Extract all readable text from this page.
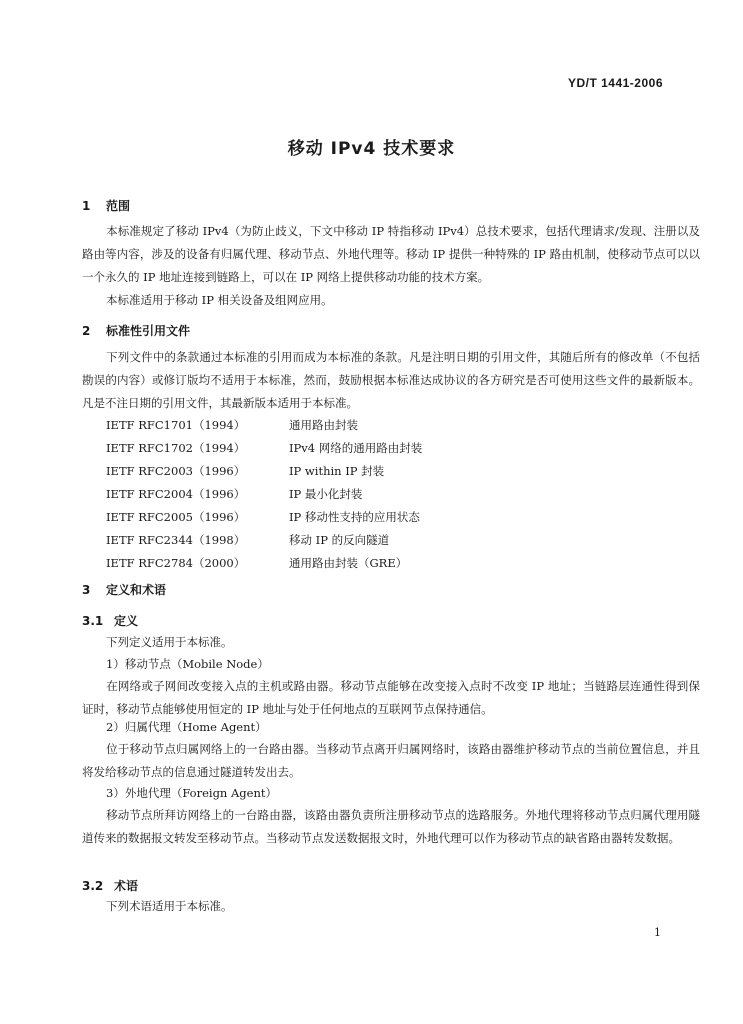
YD/T 1441-2006
移动 IPv4 技术要求
1 范围
本标准规定了移动 IPv4（为防止歧义，下文中移动 IP 特指移动 IPv4）总技术要求，包括代理请求/发现、注册以及路由等内容，涉及的设备有归属代理、移动节点、外地代理等。移动 IP 提供一种特殊的 IP 路由机制，使移动节点可以以一个永久的 IP 地址连接到链路上，可以在 IP 网络上提供移动功能的技术方案。
本标准适用于移动 IP 相关设备及组网应用。
2 标准性引用文件
下列文件中的条款通过本标准的引用而成为本标准的条款。凡是注明日期的引用文件，其随后所有的修改单（不包括勘误的内容）或修订版均不适用于本标准，然而，鼓励根据本标准达成协议的各方研究是否可使用这些文件的最新版本。凡是不注日期的引用文件，其最新版本适用于本标准。
IETF RFC1701（1994）	通用路由封装
IETF RFC1702（1994）	IPv4 网络的通用路由封装
IETF RFC2003（1996）	IP within IP 封装
IETF RFC2004（1996）	IP 最小化封装
IETF RFC2005（1996）	IP 移动性支持的应用状态
IETF RFC2344（1998）	移动 IP 的反向隧道
IETF RFC2784（2000）	通用路由封装（GRE）
3 定义和术语
3.1 定义
下列定义适用于本标准。
1）移动节点（Mobile Node）
在网络或子网间改变接入点的主机或路由器。移动节点能够在改变接入点时不改变 IP 地址；当链路层连通性得到保证时，移动节点能够使用恒定的 IP 地址与处于任何地点的互联网节点保持通信。
2）归属代理（Home Agent）
位于移动节点归属网络上的一台路由器。当移动节点离开归属网络时，该路由器维护移动节点的当前位置信息，并且将发给移动节点的信息通过隧道转发出去。
3）外地代理（Foreign Agent）
移动节点所拜访网络上的一台路由器，该路由器负责所注册移动节点的选路服务。外地代理将移动节点归属代理用隧道传来的数据报文转发至移动节点。当移动节点发送数据报文时，外地代理可以作为移动节点的缺省路由器转发数据。
3.2 术语
下列术语适用于本标准。
1
